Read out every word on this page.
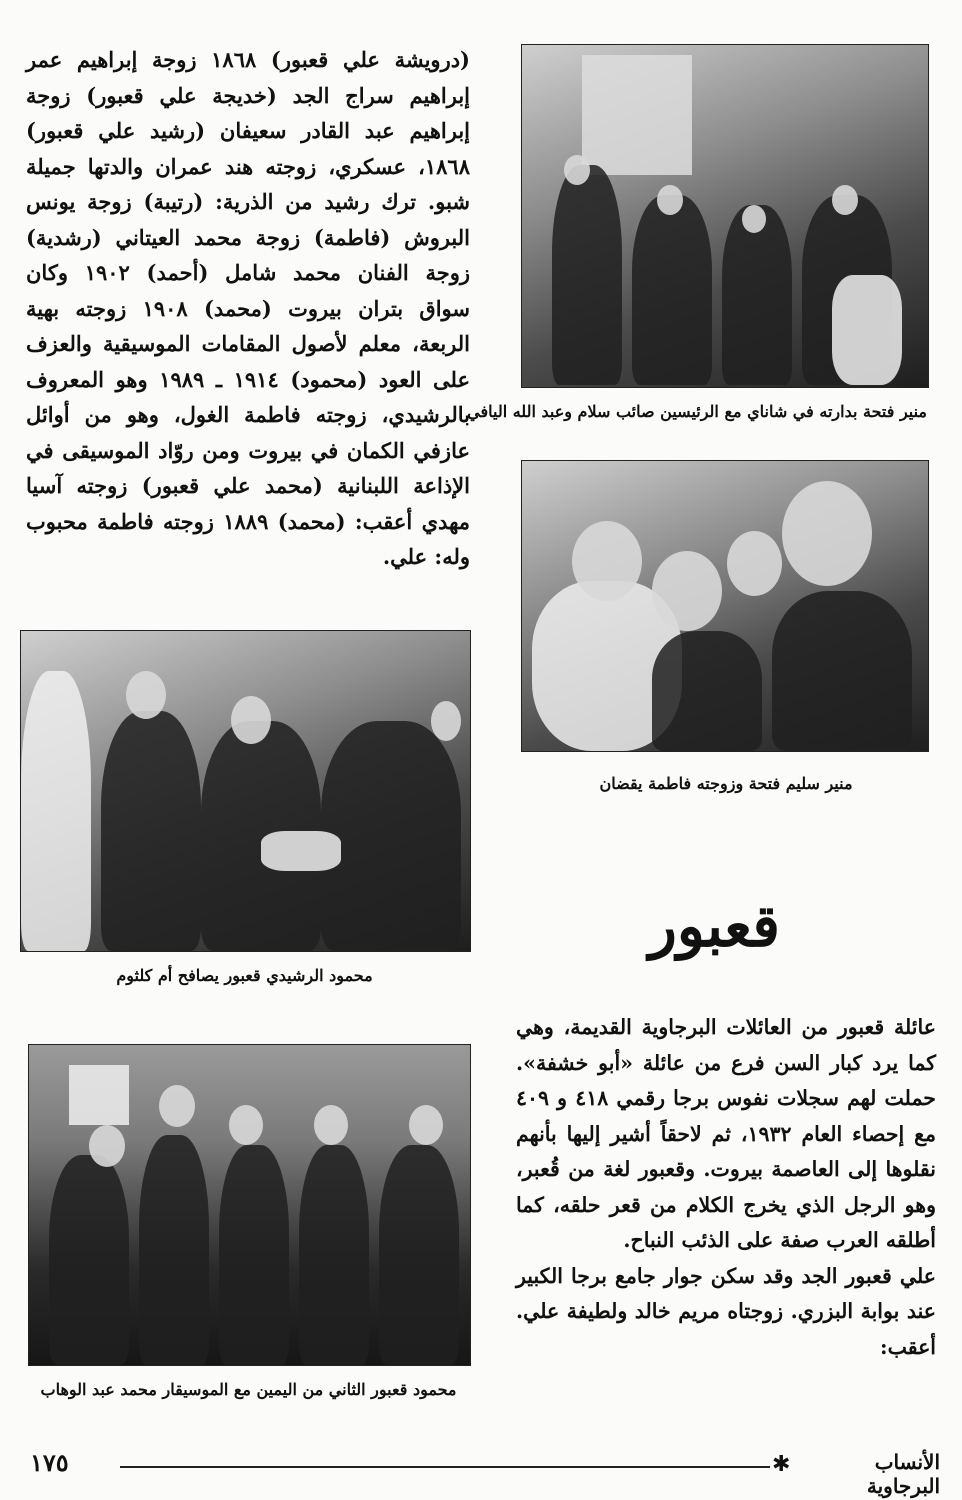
(درويشة علي قعبور) ١٨٦٨ زوجة إبراهيم عمر إبراهيم سراج الجد (خديجة علي قعبور) زوجة إبراهيم عبد القادر سعيفان (رشيد علي قعبور) ١٨٦٨، عسكري، زوجته هند عمران والدتها جميلة شبو. ترك رشيد من الذرية: (رتيبة) زوجة يونس البروش (فاطمة) زوجة محمد العيتاني (رشدية) زوجة الفنان محمد شامل (أحمد) ١٩٠٢ وكان سواق بتران بيروت (محمد) ١٩٠٨ زوجته بهية الربعة، معلم لأصول المقامات الموسيقية والعزف على العود (محمود) ١٩١٤ ـ ١٩٨٩ وهو المعروف بالرشيدي، زوجته فاطمة الغول، وهو من أوائل عازفي الكمان في بيروت ومن روّاد الموسيقى في الإذاعة اللبنانية (محمد علي قعبور) زوجته آسيا مهدي أعقب: (محمد) ١٨٨٩ زوجته فاطمة محبوب وله: علي.
منير فتحة بدارته في شاناي مع الرئيسين صائب سلام وعبد الله اليافي
منير سليم فتحة وزوجته فاطمة يقضان
محمود الرشيدي قعبور يصافح أم كلثوم
محمود قعبور الثاني من اليمين مع الموسيقار محمد عبد الوهاب
قعبور
عائلة قعبور من العائلات البرجاوية القديمة، وهي كما يرد كبار السن فرع من عائلة «أبو خشفة». حملت لهم سجلات نفوس برجا رقمي ٤١٨ و ٤٠٩ مع إحصاء العام ١٩٣٢، ثم لاحقاً أشير إليها بأنهم نقلوها إلى العاصمة بيروت. وقعبور لغة من قُعبر، وهو الرجل الذي يخرج الكلام من قعر حلقه، كما أطلقه العرب صفة على الذئب النباح.
علي قعبور الجد وقد سكن جوار جامع برجا الكبير عند بوابة البزري. زوجتاه مريم خالد ولطيفة علي. أعقب:
١٧٥	✱	الأنساب البرجاوية
